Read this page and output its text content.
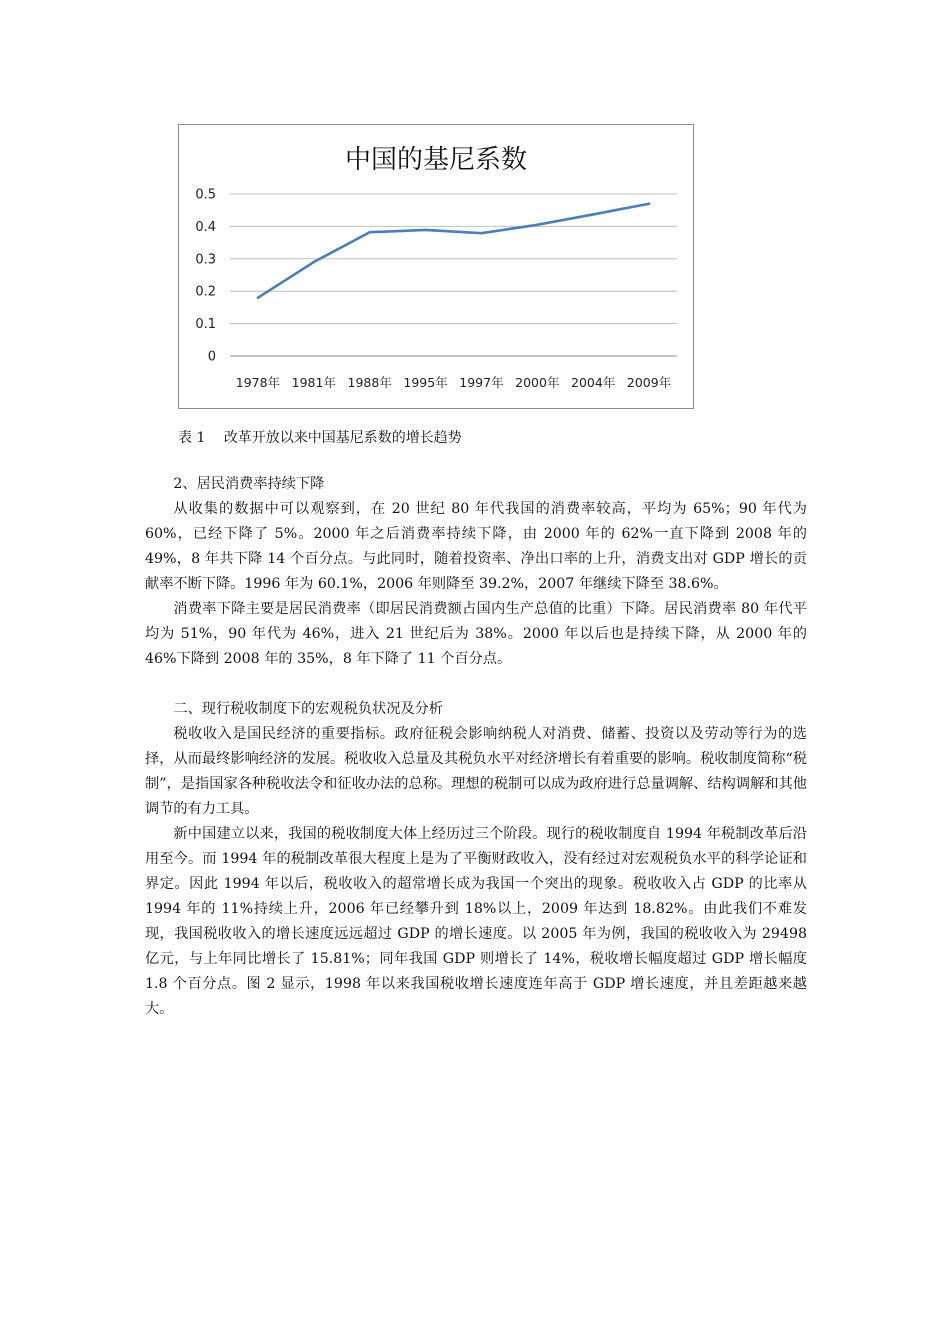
中国的基尼系数
0
0.1
0.2
0.3
0.4
0.5
1978年 1981年 1988年 1995年 1997年 2000年 2004年 2009年
表 1 改革开放以来中国基尼系数的增长趋势

2、居民消费率持续下降

从收集的数据中可以观察到，在 20 世纪 80 年代我国的消费率较高，平均为 65%；90 年代为 60%，已经下降了 5%。2000 年之后消费率持续下降，由 2000 年的 62%一直下降到 2008 年的 49%，8 年共下降 14 个百分点。与此同时，随着投资率、净出口率的上升，消费支出对 GDP 增长的贡献率不断下降。1996 年为 60.1%，2006 年则降至 39.2%，2007 年继续下降至 38.6%。

消费率下降主要是居民消费率（即居民消费额占国内生产总值的比重）下降。居民消费率 80 年代平均为 51%，90 年代为 46%，进入 21 世纪后为 38%。2000 年以后也是持续下降，从 2000 年的 46%下降到 2008 年的 35%，8 年下降了 11 个百分点。

二、现行税收制度下的宏观税负状况及分析

税收收入是国民经济的重要指标。政府征税会影响纳税人对消费、储蓄、投资以及劳动等行为的选择，从而最终影响经济的发展。税收收入总量及其税负水平对经济增长有着重要的影响。税收制度简称“税制”，是指国家各种税收法令和征收办法的总称。理想的税制可以成为政府进行总量调解、结构调解和其他调节的有力工具。

新中国建立以来，我国的税收制度大体上经历过三个阶段。现行的税收制度自 1994 年税制改革后沿用至今。而 1994 年的税制改革很大程度上是为了平衡财政收入，没有经过对宏观税负水平的科学论证和界定。因此 1994 年以后，税收收入的超常增长成为我国一个突出的现象。税收收入占 GDP 的比率从 1994 年的 11%持续上升，2006 年已经攀升到 18%以上，2009 年达到 18.82%。由此我们不难发现，我国税收收入的增长速度远远超过 GDP 的增长速度。以 2005 年为例，我国的税收收入为 29498 亿元，与上年同比增长了 15.81%；同年我国 GDP 则增长了 14%，税收增长幅度超过 GDP 增长幅度 1.8 个百分点。图 2 显示，1998 年以来我国税收增长速度连年高于 GDP 增长速度，并且差距越来越大。
